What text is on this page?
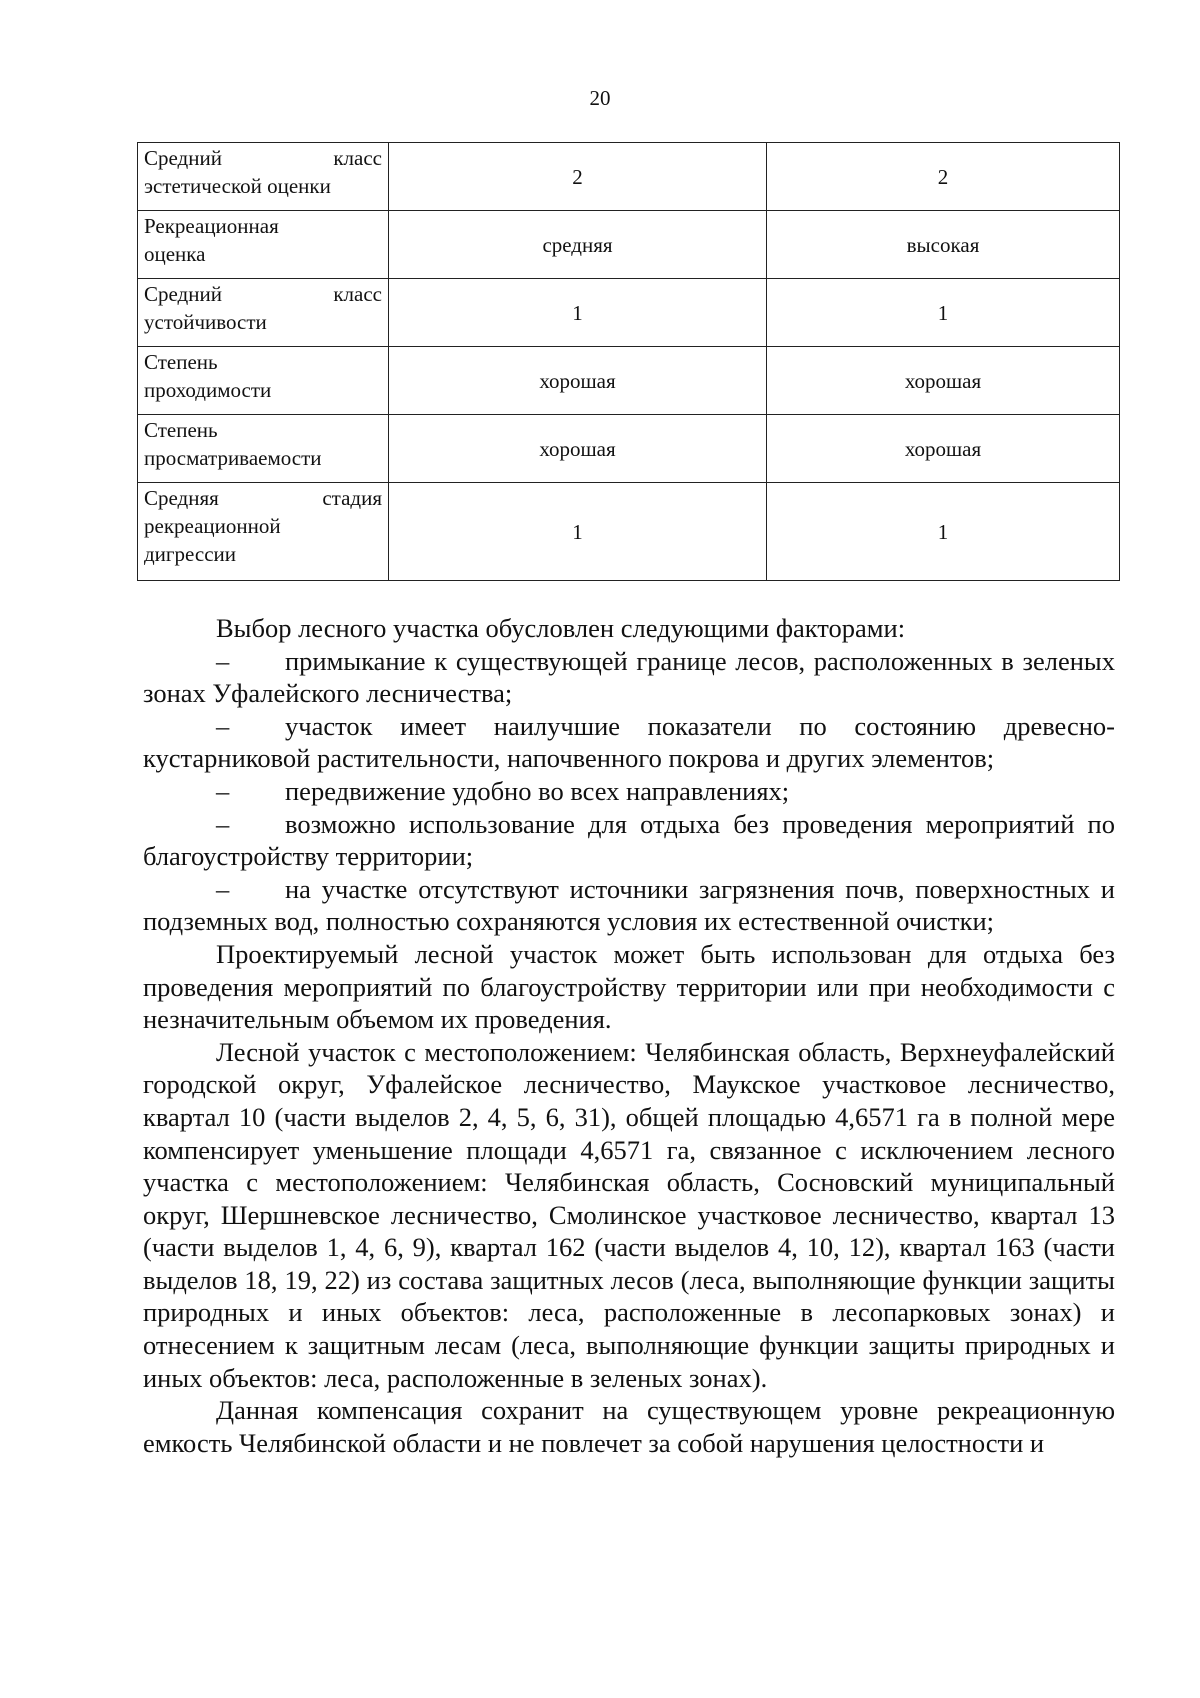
20
Средний класс
эстетической оценки	2	2

Рекреационная
оценка	средняя	высокая

Средний класс
устойчивости	1	1

Степень
проходимости	хорошая	хорошая

Степень
просматриваемости	хорошая	хорошая

Средняя стадия
рекреационной
дигрессии	1	1

Выбор лесного участка обусловлен следующими факторами:

– примыкание к существующей границе лесов, расположенных в зеленых зонах Уфалейского лесничества;

– участок имеет наилучшие показатели по состоянию древесно-кустарниковой растительности, напочвенного покрова и других элементов;

– передвижение удобно во всех направлениях;

– возможно использование для отдыха без проведения мероприятий по благоустройству территории;

– на участке отсутствуют источники загрязнения почв, поверхностных и подземных вод, полностью сохраняются условия их естественной очистки;

Проектируемый лесной участок может быть использован для отдыха без проведения мероприятий по благоустройству территории или при необходимости с незначительным объемом их проведения.

Лесной участок с местоположением: Челябинская область, Верхнеуфалейский городской округ, Уфалейское лесничество, Маукское участковое лесничество, квартал 10 (части выделов 2, 4, 5, 6, 31), общей площадью 4,6571 га в полной мере компенсирует уменьшение площади 4,6571 га, связанное с исключением лесного участка с местоположением: Челябинская область, Сосновский муниципальный округ, Шершневское лесничество, Смолинское участковое лесничество, квартал 13 (части выделов 1, 4, 6, 9), квартал 162 (части выделов 4, 10, 12), квартал 163 (части выделов 18, 19, 22) из состава защитных лесов (леса, выполняющие функции защиты природных и иных объектов: леса, расположенные в лесопарковых зонах) и отнесением к защитным лесам (леса, выполняющие функции защиты природных и иных объектов: леса, расположенные в зеленых зонах).

Данная компенсация сохранит на существующем уровне рекреационную емкость Челябинской области и не повлечет за собой нарушения целостности и
